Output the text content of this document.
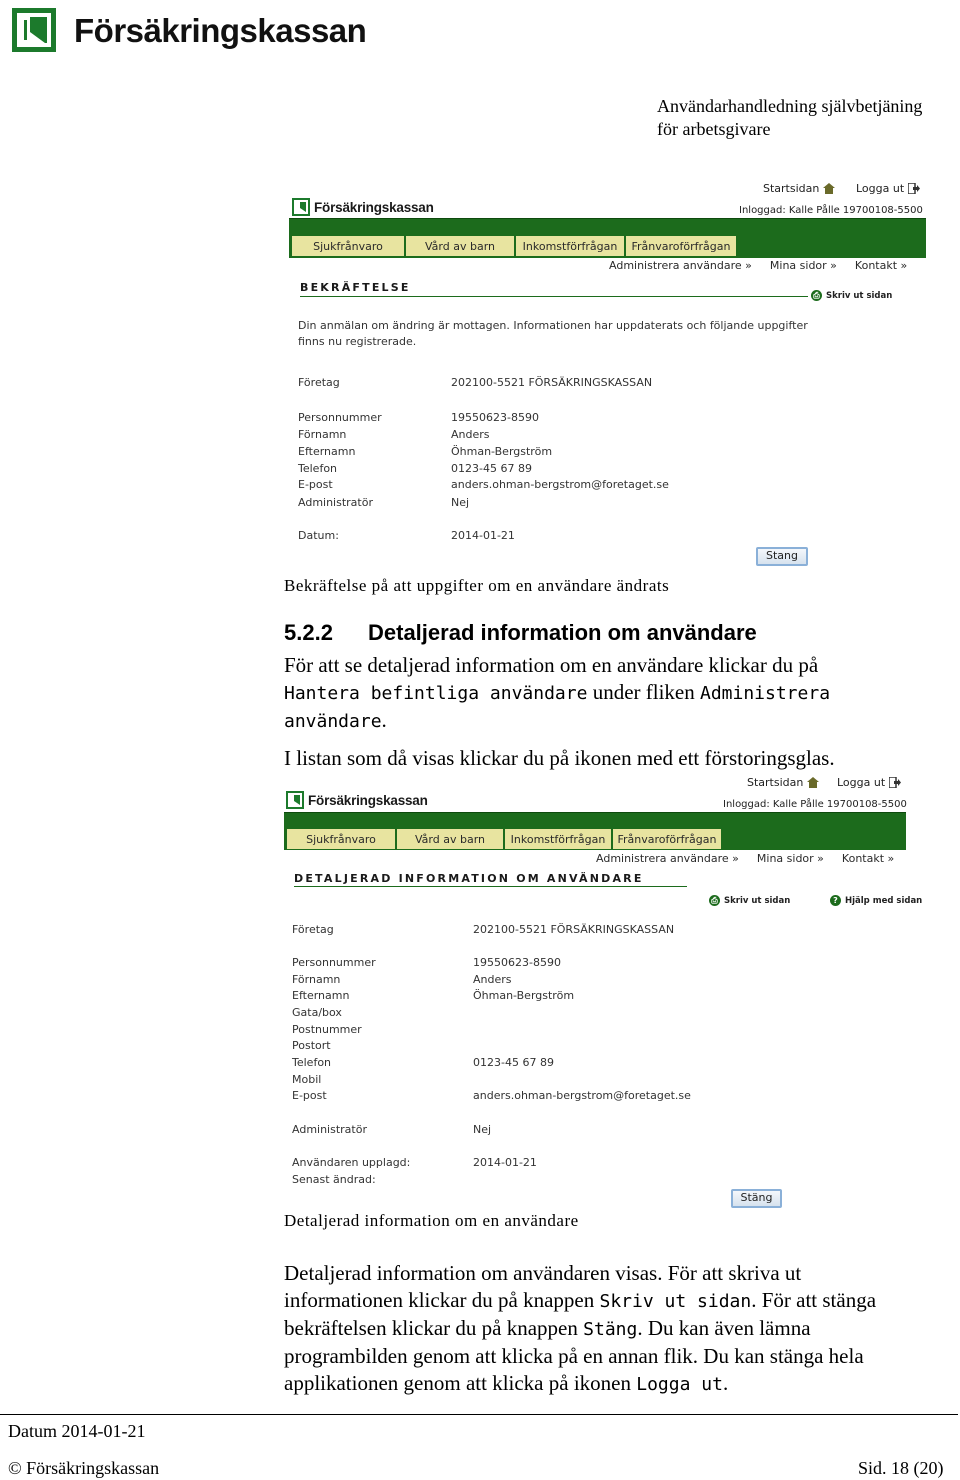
Försäkringskassan
Användarhandledning självbetjäning
för arbetsgivare
Försäkringskassan
Startsidan	Logga ut
Inloggad: Kalle Pålle 19700108-5500
Sjukfrånvaro	Vård av barn	Inkomstförfrågan	Frånvaroförfrågan
Administrera användare » Mina sidor » Kontakt »
BEKRÄFTELSE
⎙ Skriv ut sidan
Din anmälan om ändring är mottagen. Informationen har uppdaterats och följande uppgifter
finns nu registrerade.
Företag	202100-5521 FÖRSÄKRINGSKASSAN
Personnummer	19550623-8590
Förnamn	Anders
Efternamn	Öhman-Bergström
Telefon	0123-45 67 89
E-post	anders.ohman-bergstrom@foretaget.se
Administratör	Nej
Datum:	2014-01-21
Stang
Bekräftelse på att uppgifter om en användare ändrats
5.2.2 Detaljerad information om användare
För att se detaljerad information om en användare klickar du på
Hantera befintliga användare under fliken Administrera
användare.
I listan som då visas klickar du på ikonen med ett förstoringsglas.
Försäkringskassan
Startsidan	Logga ut
Inloggad: Kalle Pålle 19700108-5500
Sjukfrånvaro	Vård av barn	Inkomstförfrågan	Frånvaroförfrågan
Administrera användare » Mina sidor » Kontakt »
DETALJERAD INFORMATION OM ANVÄNDARE
⎙ Skriv ut sidan	? Hjälp med sidan
Företag	202100-5521 FÖRSÄKRINGSKASSAN
Personnummer	19550623-8590
Förnamn	Anders
Efternamn	Öhman-Bergström
Gata/box
Postnummer
Postort
Telefon	0123-45 67 89
Mobil
E-post	anders.ohman-bergstrom@foretaget.se
Administratör	Nej
Användaren upplagd:	2014-01-21
Senast ändrad:
Stäng
Detaljerad information om en användare
Detaljerad information om användaren visas. För att skriva ut
informationen klickar du på knappen Skriv ut sidan. För att stänga
bekräftelsen klickar du på knappen Stäng. Du kan även lämna
programbilden genom att klicka på en annan flik. Du kan stänga hela
applikationen genom att klicka på ikonen Logga ut.
Datum 2014-01-21
© Försäkringskassan	Sid. 18 (20)
